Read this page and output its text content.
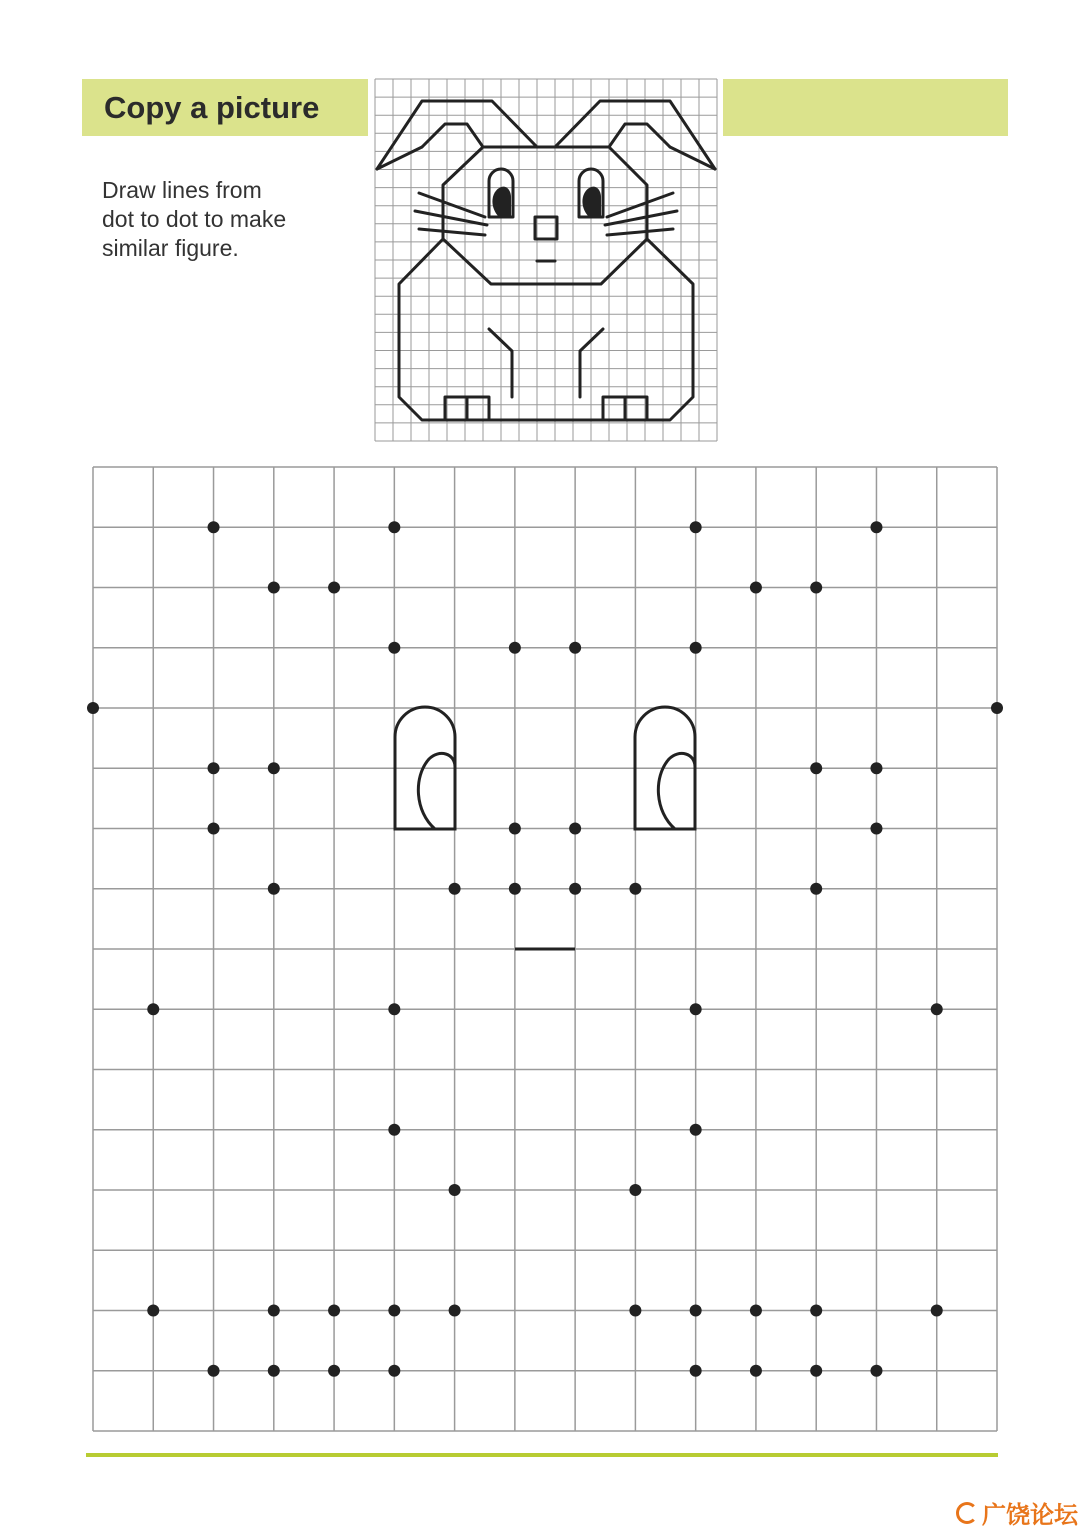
Copy a picture
Draw lines from
dot to dot to make
similar figure.
广饶论坛
